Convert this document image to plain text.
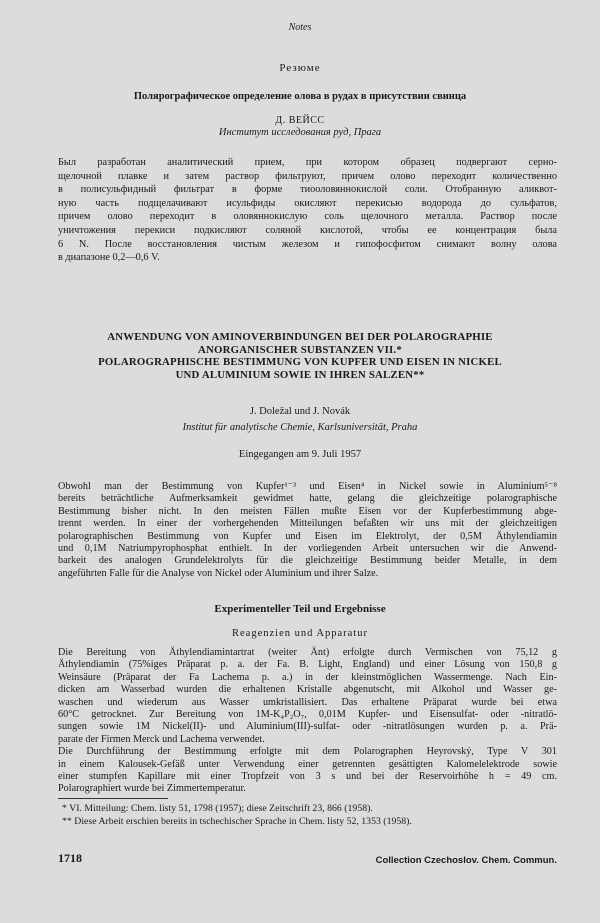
Notes
Резюме
Полярографическое определение олова в рудах в присутствии свинца
Д. ВЕЙСС
Институт исследования руд, Прага
Был разработан аналитический прием, при котором образец подвергают серно-
щелочной плавке и затем раствор фильтруют, причем олово переходит количественно
в полисульфидный фильтрат в форме тиооловяннокислой соли. Отобранную аликвот-
ную часть подщелачивают исульфиды окисляют перекисью водорода до сульфатов,
причем олово переходит в оловяннокислую соль щелочного металла. Раствор после
уничтожения перекиси подкисляют соляной кислотой, чтобы ее концентрация была
6 N. После восстановления чистым железом и гипофосфитом снимают волну олова
в диапазоне 0,2—0,6 V.
ANWENDUNG VON AMINOVERBINDUNGEN BEI DER POLAROGRAPHIE
ANORGANISCHER SUBSTANZEN VII.*
POLAROGRAPHISCHE BESTIMMUNG VON KUPFER UND EISEN IN NICKEL
UND ALUMINIUM SOWIE IN IHREN SALZEN**
J. Doležal und J. Novák
Institut für analytische Chemie, Karlsuniversität, Praha
Eingegangen am 9. Juli 1957
Obwohl man der Bestimmung von Kupfer¹⁻³ und Eisen⁴ in Nickel sowie in Aluminium⁵⁻⁸
bereits beträchtliche Aufmerksamkeit gewidmet hatte, gelang die gleichzeitige polarographische
Bestimmung bisher nicht. In den meisten Fällen mußte Eisen vor der Kupferbestimmung abge-
trennt werden. In einer der vorhergehenden Mitteilungen befaßten wir uns mit der gleichzeitigen
polarographischen Bestimmung von Kupfer und Eisen im Elektrolyt, der 0,5M Äthylendiamin
und 0,1M Natriumpyrophosphat enthielt. In der vorliegenden Arbeit untersuchen wir die Anwend-
barkeit des analogen Grundelektrolyts für die gleichzeitige Bestimmung beider Metalle, in dem
angeführten Falle für die Analyse von Nickel oder Aluminium und ihrer Salze.
Experimenteller Teil und Ergebnisse
Reagenzien und Apparatur
Die Bereitung von Äthylendiamintartrat (weiter Änt) erfolgte durch Vermischen von 75,12 g
Äthylendiamin (75%iges Präparat p. a. der Fa. B. Light, England) und einer Lösung von 150,8 g
Weinsäure (Präparat der Fa Lachema p. a.) in der kleinstmöglichen Wassermenge. Nach Ein-
dicken am Wasserbad wurden die erhaltenen Kristalle abgenutscht, mit Alkohol und Wasser ge-
waschen und wiederum aus Wasser umkristallisiert. Das erhaltene Präparat wurde bei etwa
60°C getrocknet. Zur Bereitung von 1M-K₄P₂O₇, 0,01M Kupfer- und Eisensulfat- oder -nitratlö-
sungen sowie 1M Nickel(II)- und Aluminium(III)-sulfat- oder -nitratlösungen wurden p. a. Prä-
parate der Firmen Merck und Lachema verwendet.
Die Durchführung der Bestimmung erfolgte mit dem Polarographen Heyrovský, Type V 301
in einem Kalousek-Gefäß unter Verwendung einer getrennten gesättigten Kalomelelektrode sowie
einer stumpfen Kapillare mit einer Tropfzeit von 3 s und bei der Reservoirhöhe h = 49 cm.
Polarographiert wurde bei Zimmertemperatur.
* VI. Mitteilung: Chem. listy 51, 1798 (1957); diese Zeitschrift 23, 866 (1958).
** Diese Arbeit erschien bereits in tschechischer Sprache in Chem. listy 52, 1353 (1958).
1718	Collection Czechoslov. Chem. Commun.
